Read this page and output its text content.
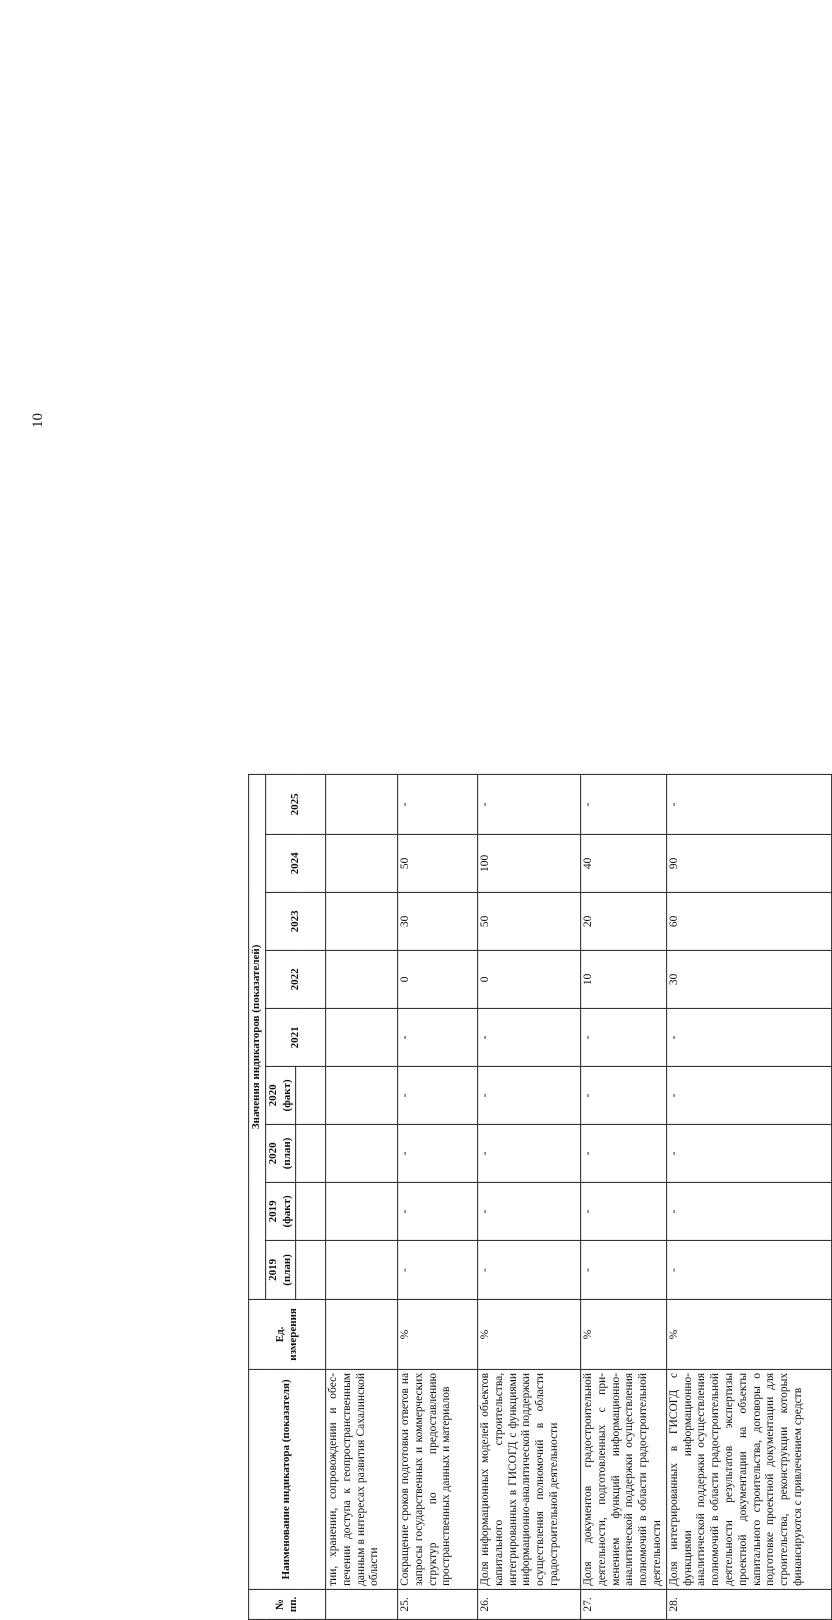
10
№ пп.	Наименование индикатора (показателя)	Ед. измерения	Значения индикаторов (показателей)								
			2019 (план)	2019 (факт)	2020 (план)	2020 (факт)	2021	2022	2023	2024	2025

	тии, хранении, сопровождении и обеспечении доступа к геопространственным данным в интересах развития Сахалинской области										
25.	Сокращение сроков подготовки ответов на запросы государственных и коммерческих структур по предоставлению пространственных данных и материалов	%	-	-	-	-	-	0	30	50	-
26.	Доля информационных моделей объектов капитального строительства, интегрированных в ГИСОГД с функциями информационно-аналитической поддержки осуществления полномочий в области градостроительной деятельности	%	-	-	-	-	-	0	50	100	-
27.	Доля документов градостроительной деятельности, подготовленных с применением функций информационно-аналитической поддержки осуществления полномочий в области градостроительной деятельности	%	-	-	-	-	-	10	20	40	-
28.	Доля интегрированных в ГИСОГД с функциями информационно-аналитической поддержки осуществления полномочий в области градостроительной деятельности результатов экспертизы проектной документации на объекты капитального строительства, договоры о подготовке проектной документации для строительства, реконструкции которых финансируются с привлечением средств	%	-	-	-	-	-	30	60	90	-
